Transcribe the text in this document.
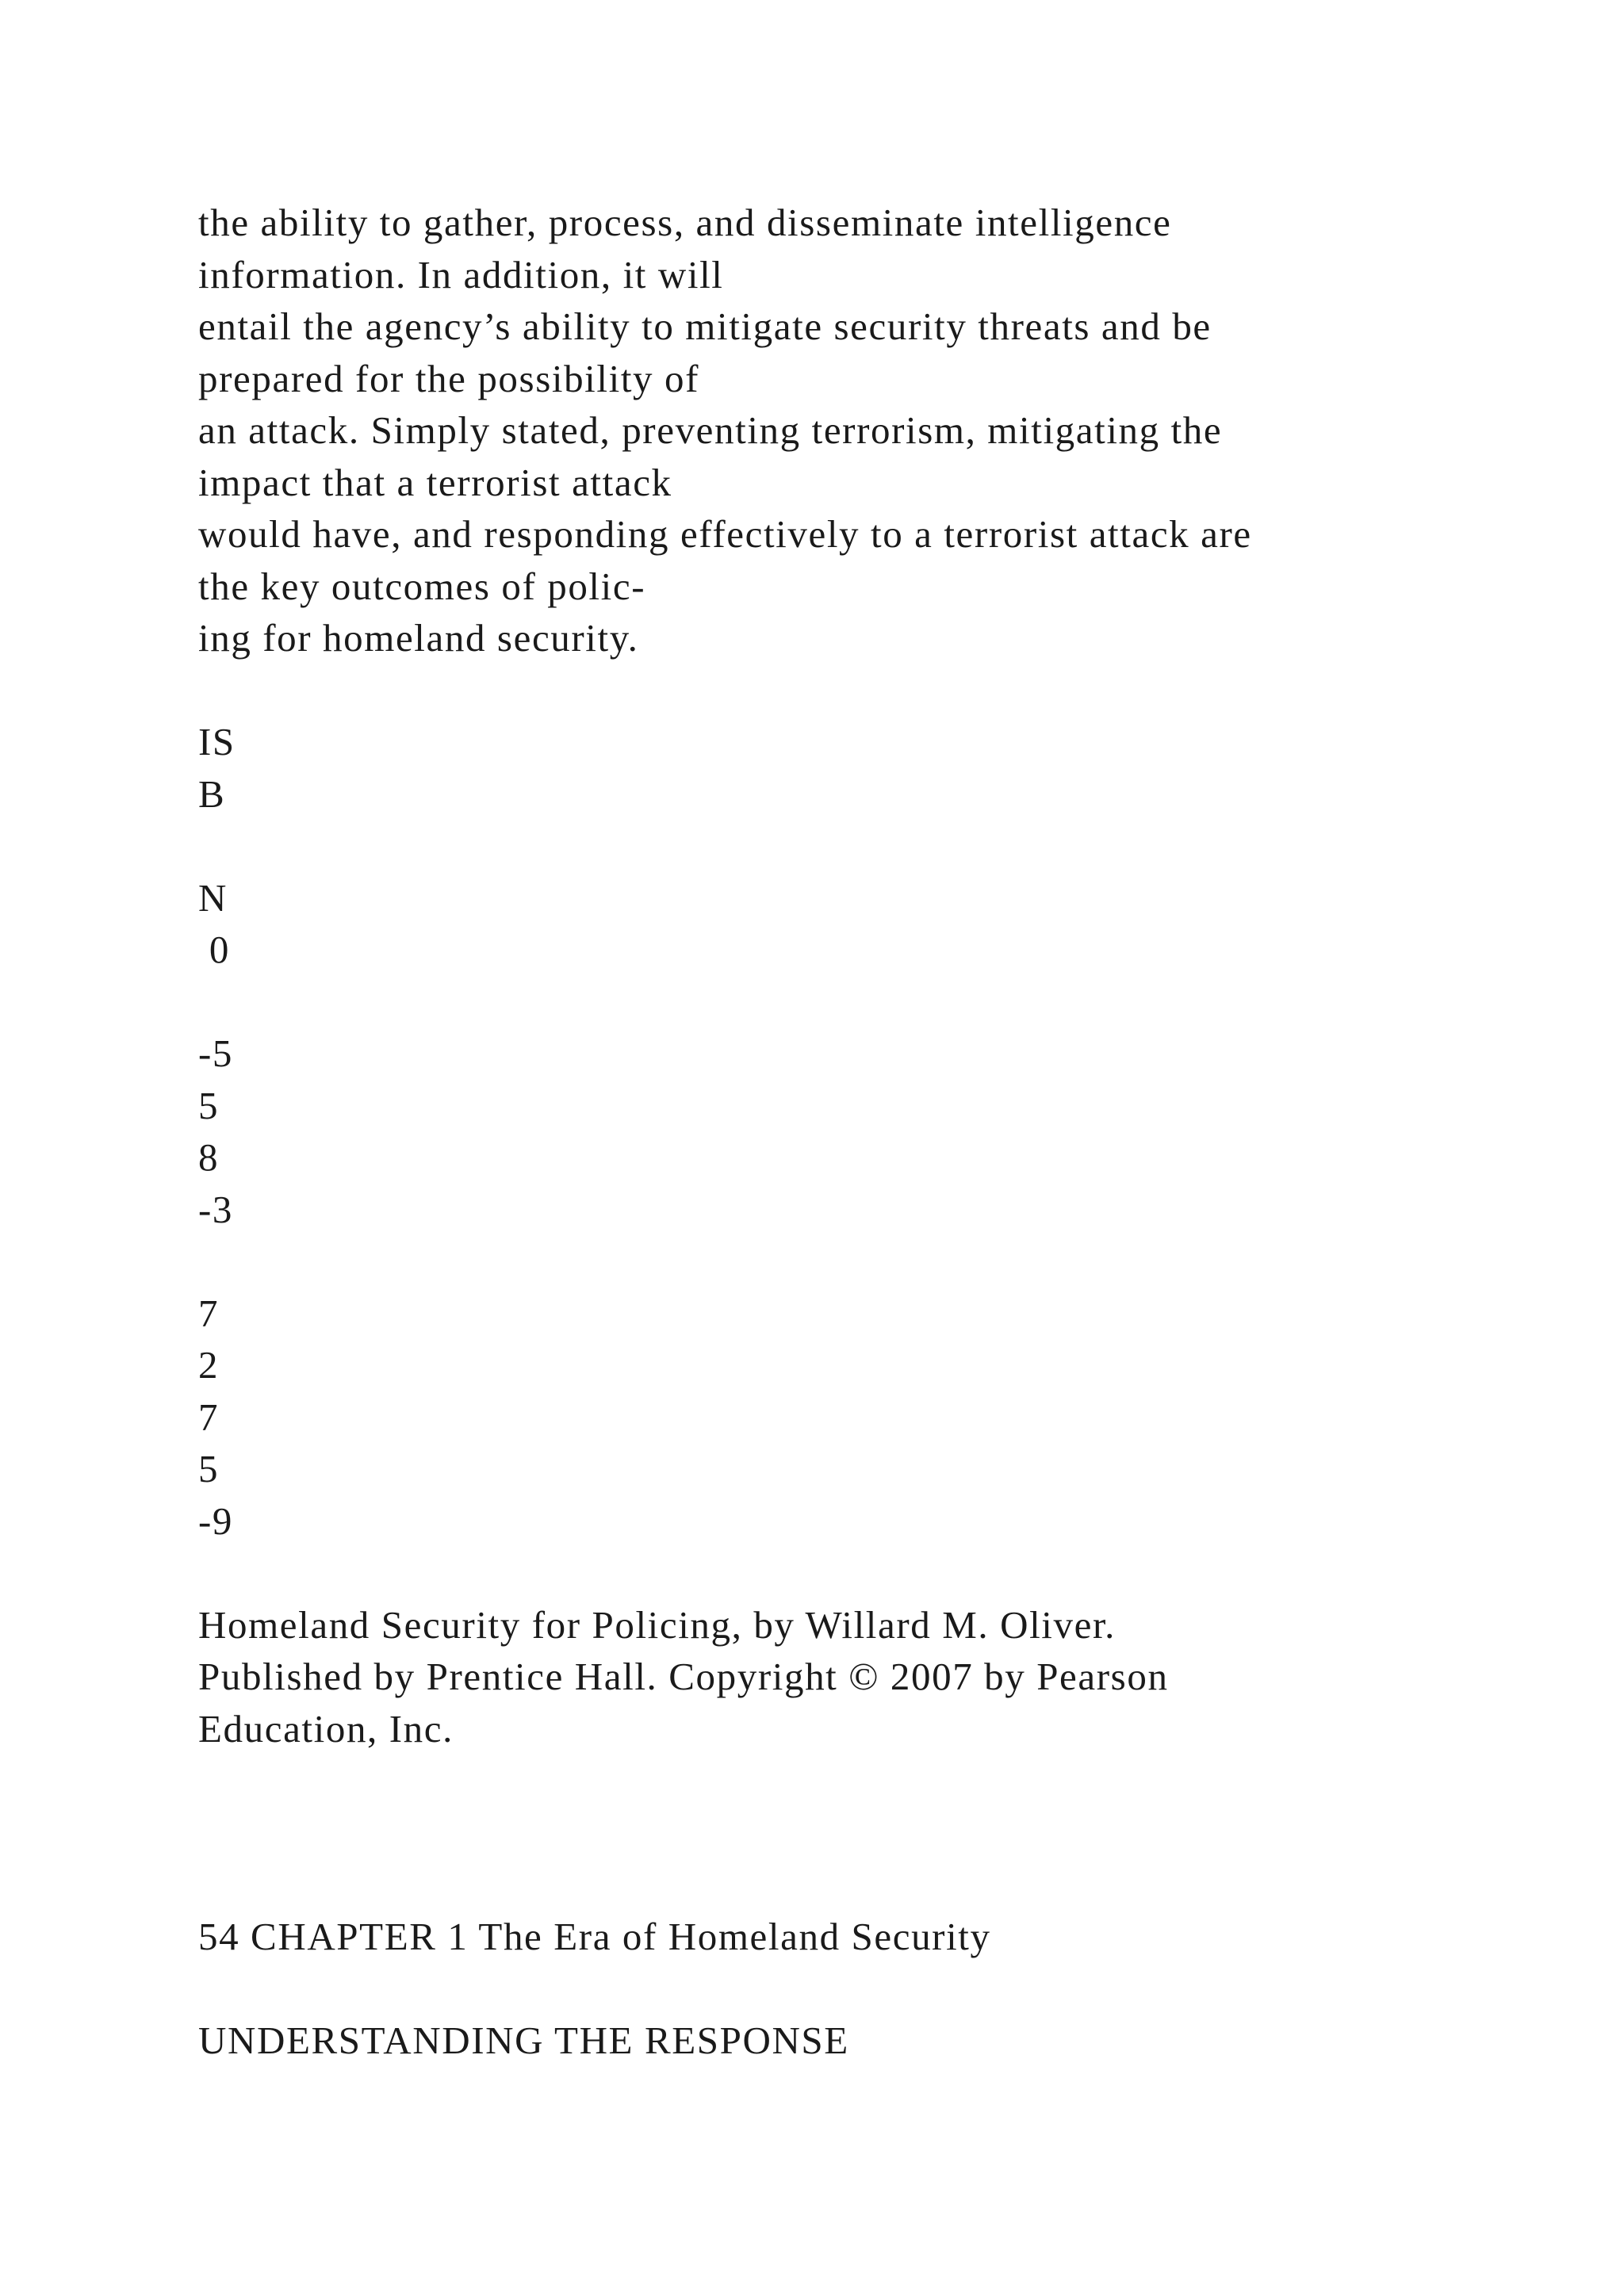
the ability to gather, process, and disseminate intelligence
information. In addition, it will
entail the agency’s ability to mitigate security threats and be
prepared for the possibility of
an attack. Simply stated, preventing terrorism, mitigating the
impact that a terrorist attack
would have, and responding effectively to a terrorist attack are
the key outcomes of polic-
ing for homeland security.
IS
B
N
0
-5
5
8
-3
7
2
7
5
-9
Homeland Security for Policing, by Willard M. Oliver.
Published by Prentice Hall. Copyright © 2007 by Pearson
Education, Inc.
54 CHAPTER 1 The Era of Homeland Security
UNDERSTANDING THE RESPONSE
